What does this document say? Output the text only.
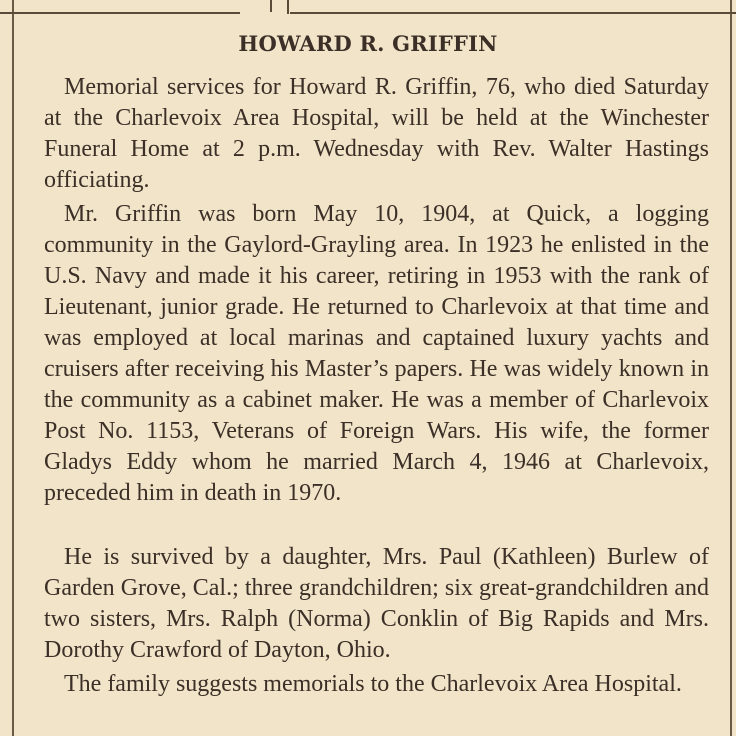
HOWARD R. GRIFFIN

Memorial services for Howard R. Griffin, 76, who died Saturday at the Charlevoix Area Hospital, will be held at the Winchester Funeral Home at 2 p.m. Wednesday with Rev. Walter Hastings officiating.

Mr. Griffin was born May 10, 1904, at Quick, a logging community in the Gaylord-Grayling area. In 1923 he enlisted in the U.S. Navy and made it his career, retiring in 1953 with the rank of Lieutenant, junior grade. He returned to Charlevoix at that time and was employed at local marinas and captained luxury yachts and cruisers after receiving his Master’s papers. He was widely known in the community as a cabinet maker. He was a member of Charlevoix Post No. 1153, Veterans of Foreign Wars. His wife, the former Gladys Eddy whom he married March 4, 1946 at Charlevoix, preceded him in death in 1970.

He is survived by a daughter, Mrs. Paul (Kathleen) Burlew of Garden Grove, Cal.; three grandchildren; six great-grandchildren and two sisters, Mrs. Ralph (Norma) Conklin of Big Rapids and Mrs. Dorothy Crawford of Dayton, Ohio.

The family suggests memorials to the Charlevoix Area Hospital.
